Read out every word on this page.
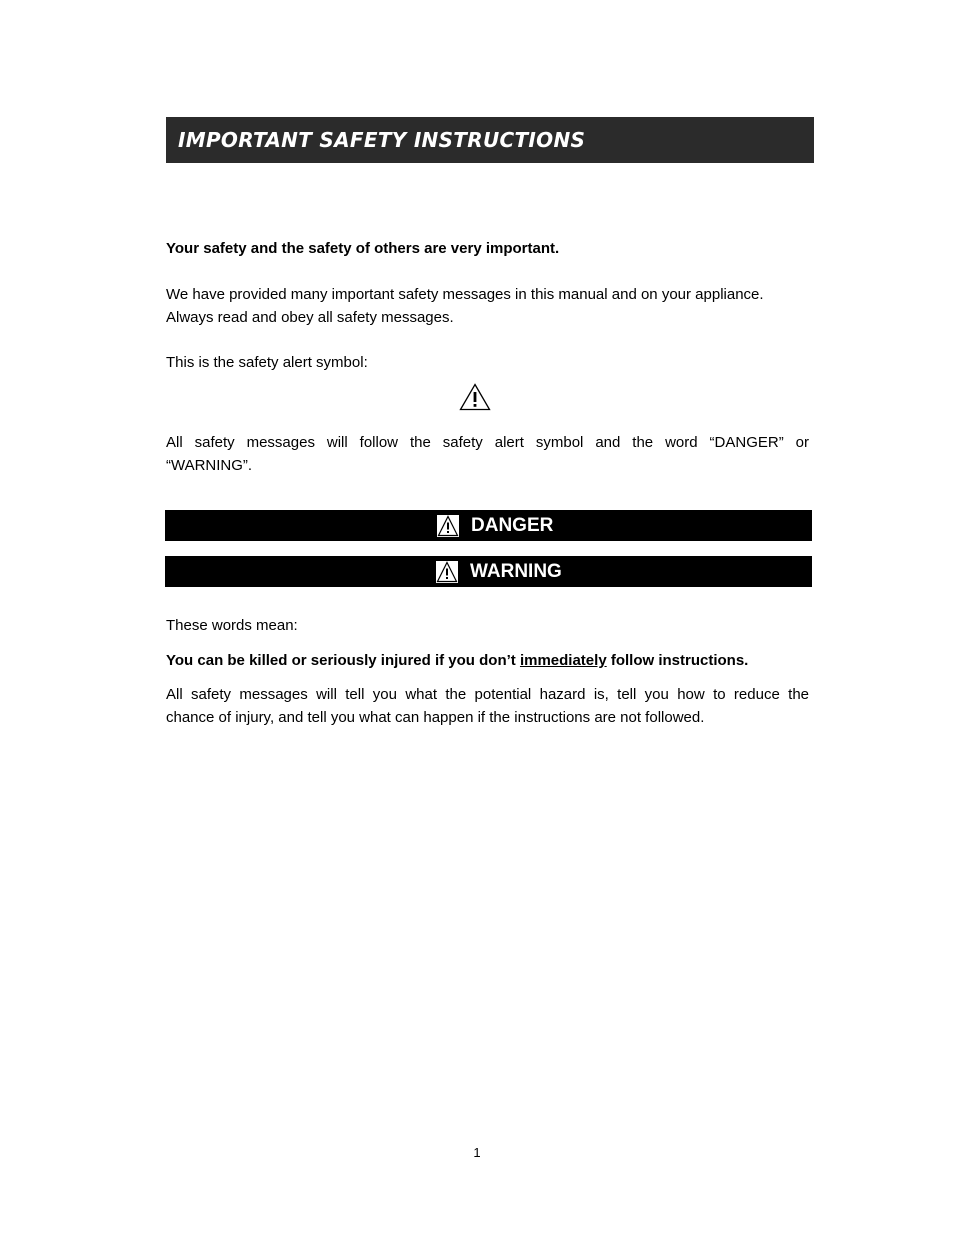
IMPORTANT SAFETY INSTRUCTIONS

Your safety and the safety of others are very important.

We have provided many important safety messages in this manual and on your appliance.

Always read and obey all safety messages.

This is the safety alert symbol:

All safety messages will follow the safety alert symbol and the word “DANGER” or

“WARNING”.

DANGER
WARNING

These words mean:

You can be killed or seriously injured if you don’t immediately follow instructions.

All safety messages will tell you what the potential hazard is, tell you how to reduce the

chance of injury, and tell you what can happen if the instructions are not followed.

1
